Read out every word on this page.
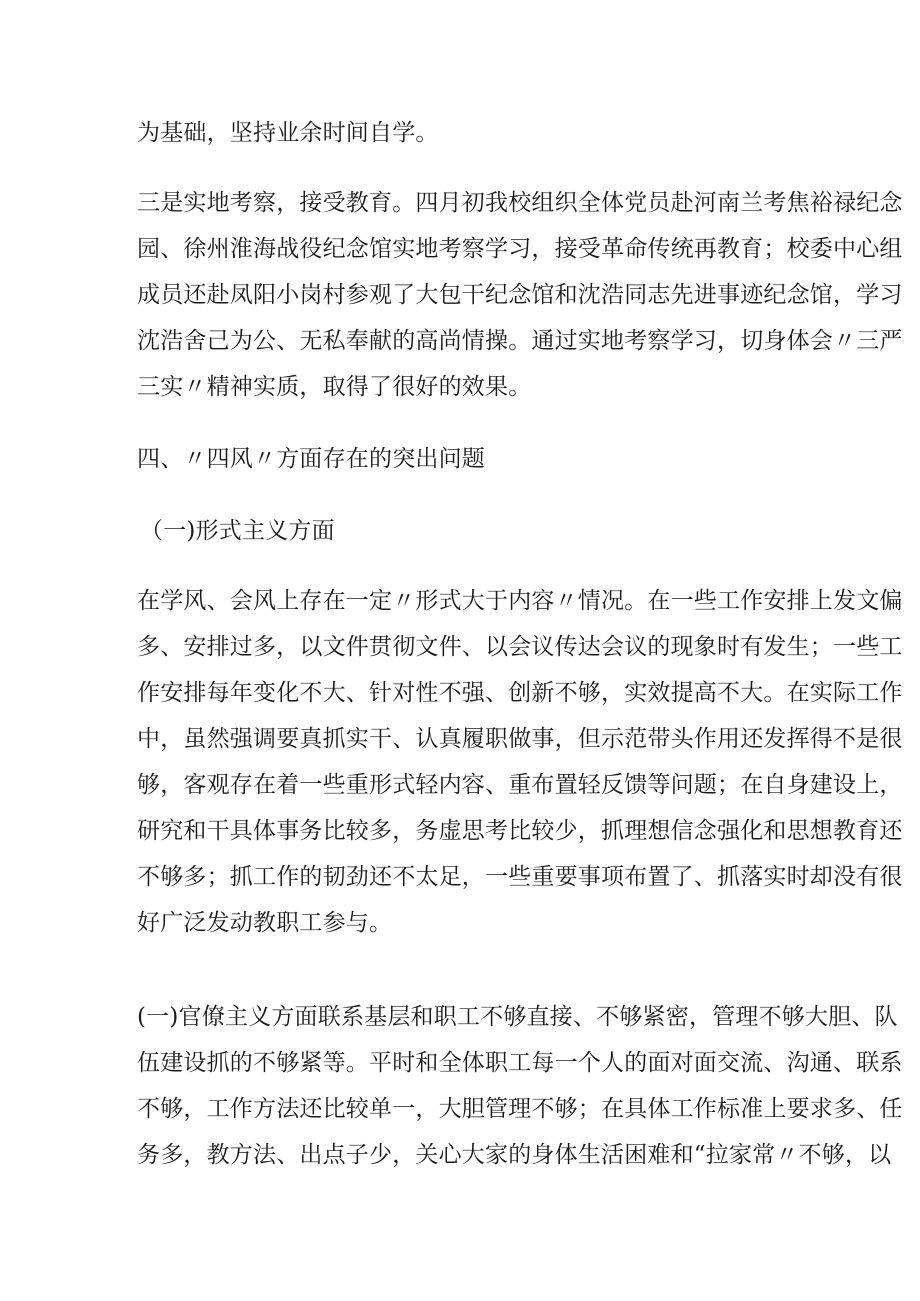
为基础，坚持业余时间自学。
三是实地考察，接受教育。四月初我校组织全体党员赴河南兰考焦裕禄纪念
园、徐州淮海战役纪念馆实地考察学习，接受革命传统再教育；校委中心组
成员还赴凤阳小岗村参观了大包干纪念馆和沈浩同志先进事迹纪念馆，学习
沈浩舍己为公、无私奉献的高尚情操。通过实地考察学习，切身体会〃三严
三实〃精神实质，取得了很好的效果。
四、〃四风〃方面存在的突出问题
（一)形式主义方面
在学风、会风上存在一定〃形式大于内容〃情况。在一些工作安排上发文偏
多、安排过多，以文件贯彻文件、以会议传达会议的现象时有发生；一些工
作安排每年变化不大、针对性不强、创新不够，实效提高不大。在实际工作
中，虽然强调要真抓实干、认真履职做事，但示范带头作用还发挥得不是很
够，客观存在着一些重形式轻内容、重布置轻反馈等问题；在自身建设上，
研究和干具体事务比较多，务虚思考比较少，抓理想信念强化和思想教育还
不够多；抓工作的韧劲还不太足，一些重要事项布置了、抓落实时却没有很
好广泛发动教职工参与。
(一)官僚主义方面联系基层和职工不够直接、不够紧密，管理不够大胆、队
伍建设抓的不够紧等。平时和全体职工每一个人的面对面交流、沟通、联系
不够，工作方法还比较单一，大胆管理不够；在具体工作标准上要求多、任
务多，教方法、出点子少，关心大家的身体生活困难和“拉家常〃不够，以
